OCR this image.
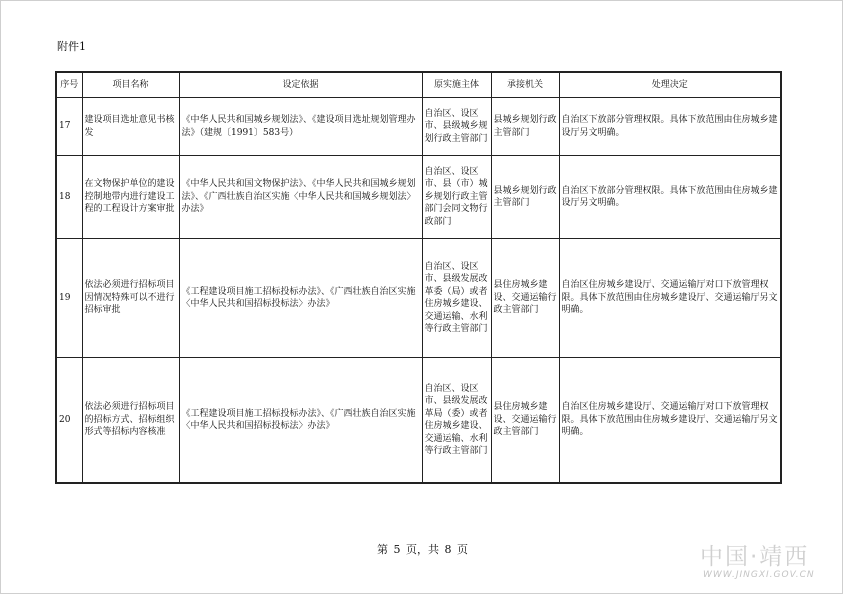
附件1
序号	项目名称	设定依据	原实施主体	承接机关	处理决定
17	建设项目选址意见书核发	《中华人民共和国城乡规划法》、《建设项目选址规划管理办法》（建规〔1991〕583号）	自治区、设区市、县级城乡规划行政主管部门	县城乡规划行政主管部门	自治区下放部分管理权限。具体下放范围由住房城乡建设厅另文明确。
18	在文物保护单位的建设控制地带内进行建设工程的工程设计方案审批	《中华人民共和国文物保护法》、《中华人民共和国城乡规划法》、《广西壮族自治区实施〈中华人民共和国城乡规划法〉办法》	自治区、设区市、县（市）城乡规划行政主管部门会同文物行政部门	县城乡规划行政主管部门	自治区下放部分管理权限。具体下放范围由住房城乡建设厅另文明确。
19	依法必须进行招标项目因情况特殊可以不进行招标审批	《工程建设项目施工招标投标办法》、《广西壮族自治区实施〈中华人民共和国招标投标法〉办法》	自治区、设区市、县级发展改革委（局）或者住房城乡建设、交通运输、水利等行政主管部门	县住房城乡建设、交通运输行政主管部门	自治区住房城乡建设厅、交通运输厅对口下放管理权限。具体下放范围由住房城乡建设厅、交通运输厅另文明确。
20	依法必须进行招标项目的招标方式、招标组织形式等招标内容核准	《工程建设项目施工招标投标办法》、《广西壮族自治区实施〈中华人民共和国招标投标法〉办法》	自治区、设区市、县级发展改革局（委）或者住房城乡建设、交通运输、水利等行政主管部门	县住房城乡建设、交通运输行政主管部门	自治区住房城乡建设厅、交通运输厅对口下放管理权限。具体下放范围由住房城乡建设厅、交通运输厅另文明确。
第 5 页，共 8 页	中国·靖西
WWW.JINGXI.GOV.CN
